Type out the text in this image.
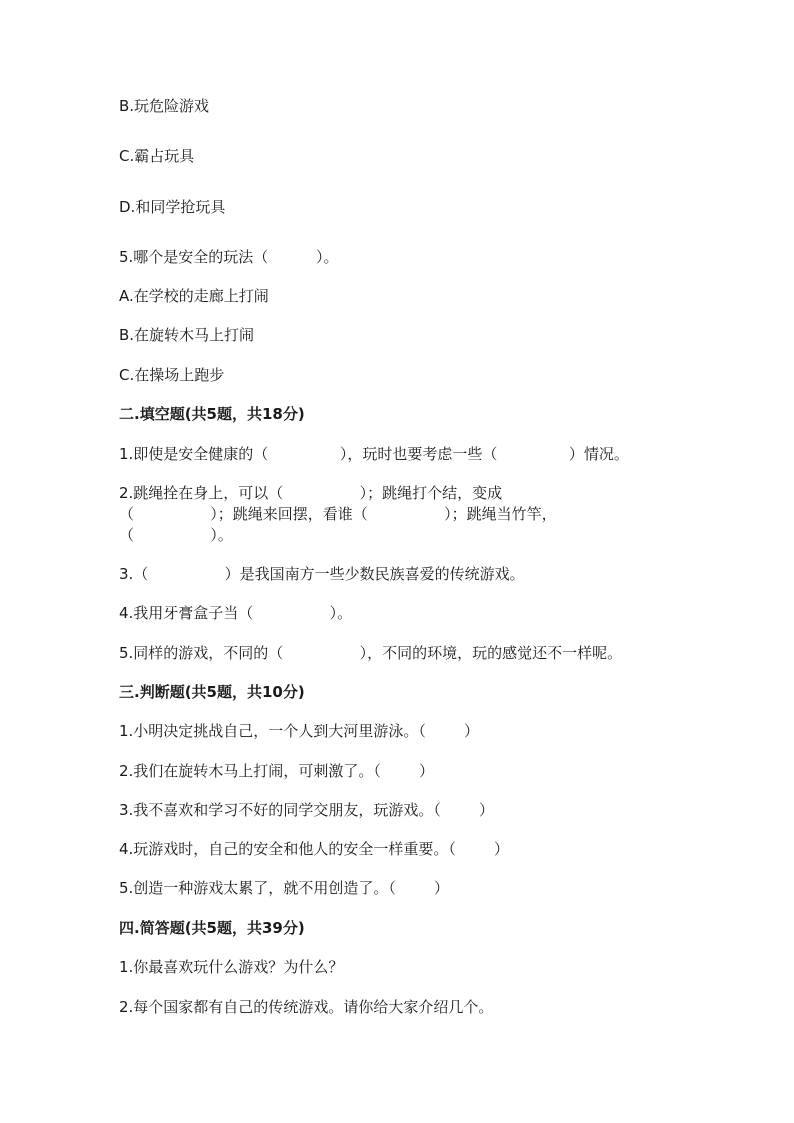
B.玩危险游戏
C.霸占玩具
D.和同学抢玩具
5.哪个是安全的玩法（          ）。
A.在学校的走廊上打闹
B.在旋转木马上打闹
C.在操场上跑步
二.填空题(共5题，共18分)
1.即使是安全健康的（               ），玩时也要考虑一些（               ）情况。
2.跳绳拴在身上，可以（                ）；跳绳打个结，变成
（                ）；跳绳来回摆，看谁（                ）；跳绳当竹竿，
（                ）。
3.（                ）是我国南方一些少数民族喜爱的传统游戏。
4.我用牙膏盒子当（                ）。
5.同样的游戏，不同的（                ），不同的环境，玩的感觉还不一样呢。
三.判断题(共5题，共10分)
1.小明决定挑战自己，一个人到大河里游泳。（        ）
2.我们在旋转木马上打闹，可刺激了。（        ）
3.我不喜欢和学习不好的同学交朋友，玩游戏。（        ）
4.玩游戏时，自己的安全和他人的安全一样重要。（        ）
5.创造一种游戏太累了，就不用创造了。（        ）
四.简答题(共5题，共39分)
1.你最喜欢玩什么游戏？为什么？
2.每个国家都有自己的传统游戏。请你给大家介绍几个。
